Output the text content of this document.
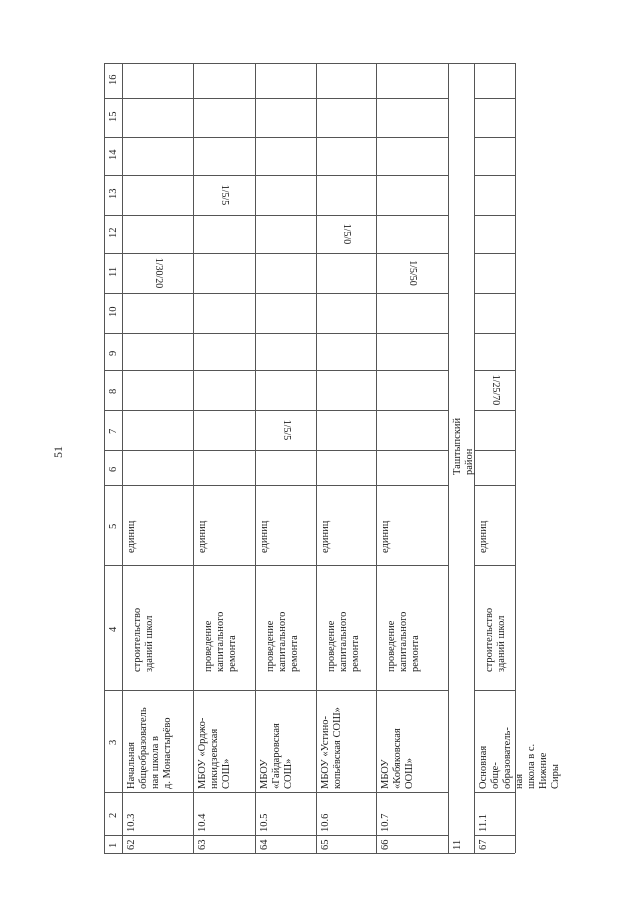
51
1
2
3
4
5
6
7
8
9
10
11
12
13
14
15
16
62
10.3
Начальная
общеобразователь
ная школа в
д. Монастырёво
строительство
зданий школ
единиц
1/30/20
63
10.4
МБОУ «Орджо-
никидзевская
СОШ»
проведение
капитального
ремонта
единиц
1/5/5
64
10.5
МБОУ
«Гайдаровская
СОШ»
проведение
капитального
ремонта
единиц
1/5/5
65
10.6
МБОУ «Устино-
копьёвская СОШ»
проведение
капитального
ремонта
единиц
1/5/0
66
10.7
МБОУ
«Кобяковская
ООШ»
проведение
капитального
ремонта
единиц
1/5/50
11
Таштыпский район
67
11.1
Основная обще-
образователь-
ная
школа в с. Нижние
Сиры
строительство
зданий школ
единиц
1/25/70
